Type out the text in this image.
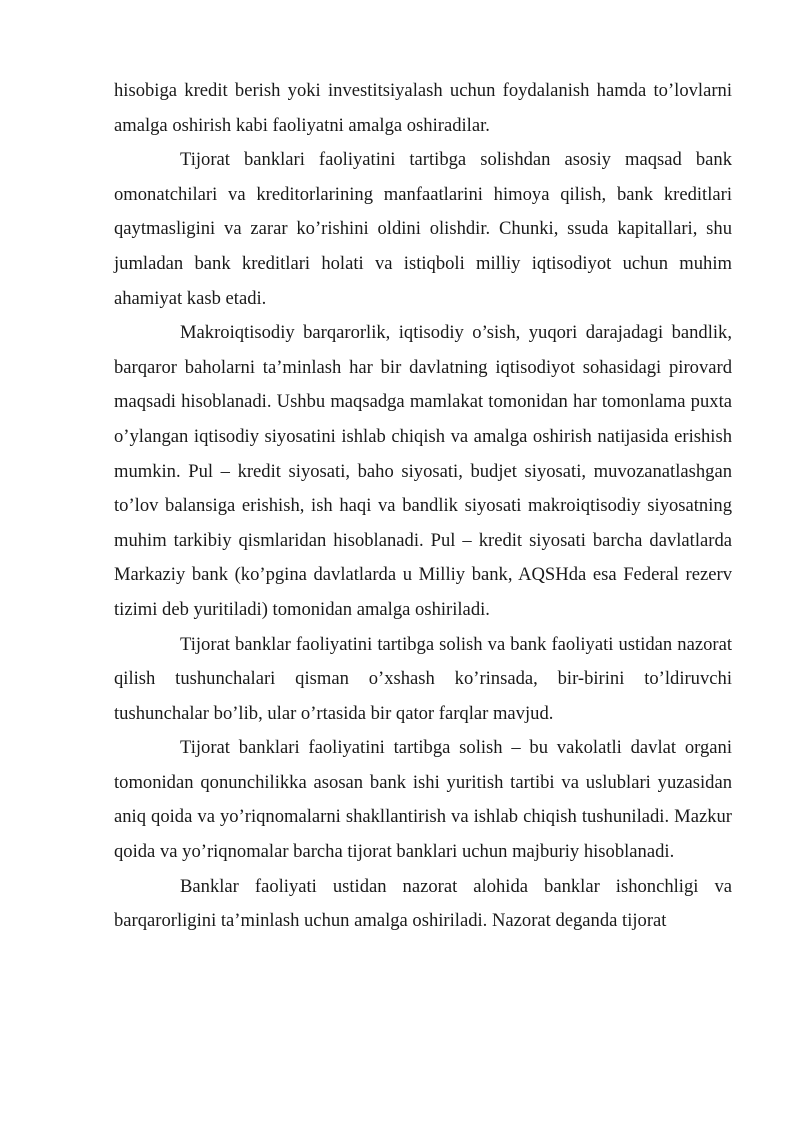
hisobiga kredit berish yoki investitsiyalash uchun foydalanish hamda to’lovlarni amalga oshirish kabi faoliyatni amalga oshiradilar.

Tijorat banklari faoliyatini tartibga solishdan asosiy maqsad bank omonatchilari va kreditorlarining manfaatlarini himoya qilish, bank kreditlari qaytmasligini va zarar ko’rishini oldini olishdir. Chunki, ssuda kapitallari, shu jumladan bank kreditlari holati va istiqboli milliy iqtisodiyot uchun muhim ahamiyat kasb etadi.

Makroiqtisodiy barqarorlik, iqtisodiy o’sish, yuqori darajadagi bandlik, barqaror baholarni ta’minlash har bir davlatning iqtisodiyot sohasidagi pirovard maqsadi hisoblanadi. Ushbu maqsadga mamlakat tomonidan har tomonlama puxta o’ylangan iqtisodiy siyosatini ishlab chiqish va amalga oshirish natijasida erishish mumkin. Pul – kredit siyosati, baho siyosati, budjet siyosati, muvozanatlashgan to’lov balansiga erishish, ish haqi va bandlik siyosati makroiqtisodiy siyosatning muhim tarkibiy qismlaridan hisoblanadi. Pul – kredit siyosati barcha davlatlarda Markaziy bank (ko’pgina davlatlarda u Milliy bank, AQSHda esa Federal rezerv tizimi deb yuritiladi) tomonidan amalga oshiriladi.

Tijorat banklar faoliyatini tartibga solish va bank faoliyati ustidan nazorat qilish tushunchalari qisman o’xshash ko’rinsada, bir-birini to’ldiruvchi tushunchalar bo’lib, ular o’rtasida bir qator farqlar mavjud.

Tijorat banklari faoliyatini tartibga solish – bu vakolatli davlat organi tomonidan qonunchilikka asosan bank ishi yuritish tartibi va uslublari yuzasidan aniq qoida va yo’riqnomalarni shakllantirish va ishlab chiqish tushuniladi. Mazkur qoida va yo’riqnomalar barcha tijorat banklari uchun majburiy hisoblanadi.

Banklar faoliyati ustidan nazorat alohida banklar ishonchligi va barqarorligini ta’minlash uchun amalga oshiriladi. Nazorat deganda tijorat
